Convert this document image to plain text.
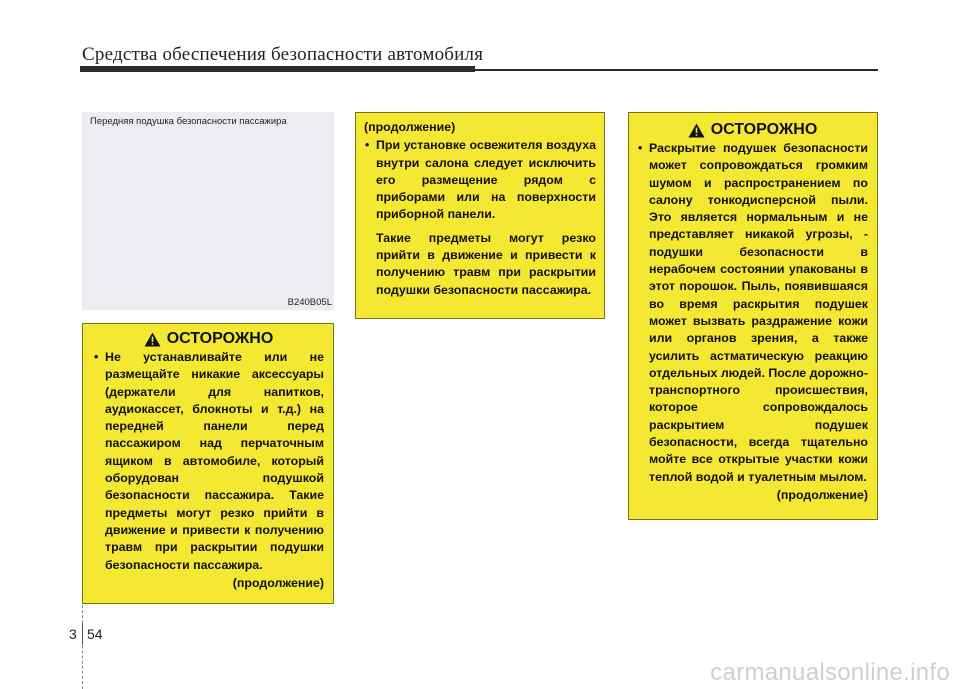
Средства обеспечения безопасности автомобиля
Передняя подушка безопасности пассажира
B240B05L
ОСТОРОЖНО
• Не устанавливайте или не размещайте никакие аксессуары (держатели для напитков, аудиокассет, блокноты и т.д.) на передней панели перед пассажиром над перчаточным ящиком в автомобиле, который оборудован подушкой безопасности пассажира. Такие предметы могут резко прийти в движение и привести к получению травм при раскрытии подушки безопасности пассажира.
(продолжение)
(продолжение)
• При установке освежителя воздуха внутри салона следует исключить его размещение рядом с приборами или на поверхности приборной панели.
Такие предметы могут резко прийти в движение и привести к получению травм при раскрытии подушки безопасности пассажира.
ОСТОРОЖНО
• Раскрытие подушек безопасности может сопровождаться громким шумом и распространением по салону тонкодисперсной пыли. Это является нормальным и не представляет никакой угрозы, - подушки безопасности в нерабочем состоянии упакованы в этот порошок. Пыль, появившаяся во время раскрытия подушек может вызвать раздражение кожи или органов зрения, а также усилить астматическую реакцию отдельных людей. После дорожно-транспортного происшествия, которое сопровождалось раскрытием подушек безопасности, всегда тщательно мойте все открытые участки кожи теплой водой и туалетным мылом.
(продолжение)
3 54
carmanualsonline.info
